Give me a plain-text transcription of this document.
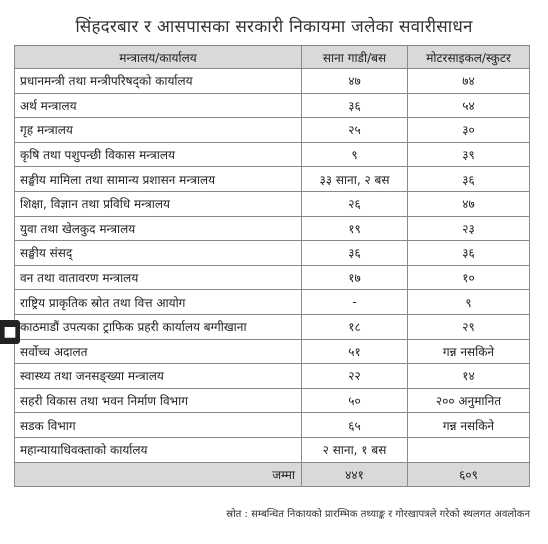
सिंहदरबार र आसपासका सरकारी निकायमा जलेका सवारीसाधन
मन्त्रालय/कार्यालय	साना गाडी/बस	मोटरसाइकल/स्कुटर
प्रधानमन्त्री तथा मन्त्रीपरिषद्को कार्यालय	४७	७४
अर्थ मन्त्रालय	३६	५४
गृह मन्त्रालय	२५	३०
कृषि तथा पशुपन्छी विकास मन्त्रालय	९	३९
सङ्घीय मामिला तथा सामान्य प्रशासन मन्त्रालय	३३ साना, २ बस	३६
शिक्षा, विज्ञान तथा प्रविधि मन्त्रालय	२६	४७
युवा तथा खेलकुद मन्त्रालय	१९	२३
सङ्घीय संसद्	३६	३६
वन तथा वातावरण मन्त्रालय	१७	१०
राष्ट्रिय प्राकृतिक स्रोत तथा वित्त आयोग	-	९
काठमाडौं उपत्यका ट्राफिक प्रहरी कार्यालय बग्गीखाना	१८	२९
सर्वोच्च अदालत	५१	गन्न नसकिने
स्वास्थ्य तथा जनसङ्ख्या मन्त्रालय	२२	१४
सहरी विकास तथा भवन निर्माण विभाग	५०	२०० अनुमानित
सडक विभाग	६५	गन्न नसकिने
महान्यायाधिवक्ताको कार्यालय	२ साना, १ बस	
जम्मा	४४१	६०९
■
स्रोत : सम्बन्धित निकायको प्रारम्भिक तथ्याङ्क र गोरखापत्रले गरेको स्थलगत अवलोकन
